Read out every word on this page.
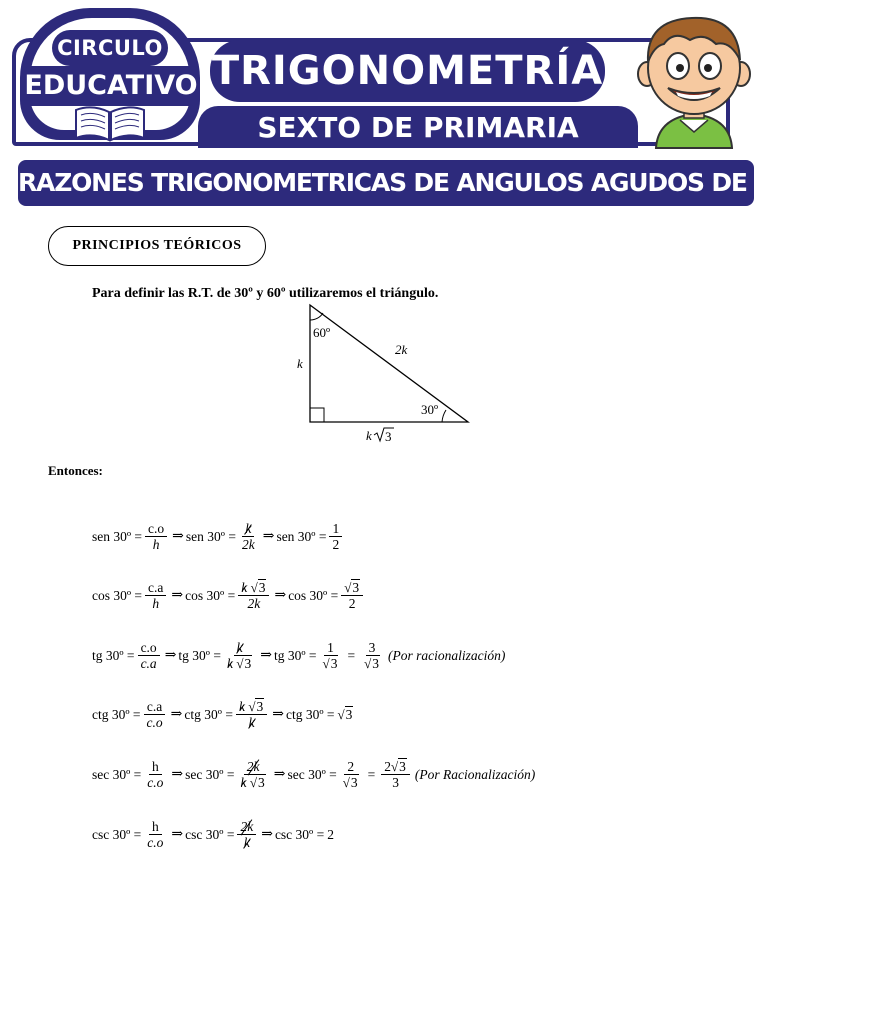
CIRCULO
EDUCATIVO TRIGONOMETRÍA
SEXTO DE PRIMARIA
RAZONES TRIGONOMETRICAS DE ANGULOS AGUDOS DE 30º Y 60º
PRINCIPIOS TEÓRICOS
Para definir las R.T. de 30º y 60º utilizaremos el triángulo.
60º
30º
k
2k
k 3
Entonces:
sen 30º = $\frac{c.o}{h}$ ⇒ sen 30º = $\frac{k}{2k}$ ⇒ sen 30º = $\frac{1}{2}$
cos 30º = $\frac{c.a}{h}$ ⇒ cos 30º = $\frac{k √3}{2k}$ ⇒ cos 30º = $\frac{√3}{2}$
tg 30º = $\frac{c.o}{c.a}$ ⇒ tg 30º = $\frac{k}{k √3}$ ⇒ tg 30º = $\frac{1}{√3} = \frac{3}{√3} (Por$ racionalización)
ctg 30º = $\frac{c.a}{c.o}$ ⇒ ctg 30º = $\frac{k √3}{k}$ ⇒ ctg 30º = √3
sec 30º = $\frac{h}{c.o}$ ⇒ sec 30º = $\frac{2k}{k √3}$ ⇒ sec 30º = $\frac{2}{√3} = \frac{2√3}{3} (Por$ Racionalización)
csc 30º = $\frac{h}{c.o}$ ⇒ csc 30º = $\frac{2k}{k}$ ⇒ csc 30º = 2
